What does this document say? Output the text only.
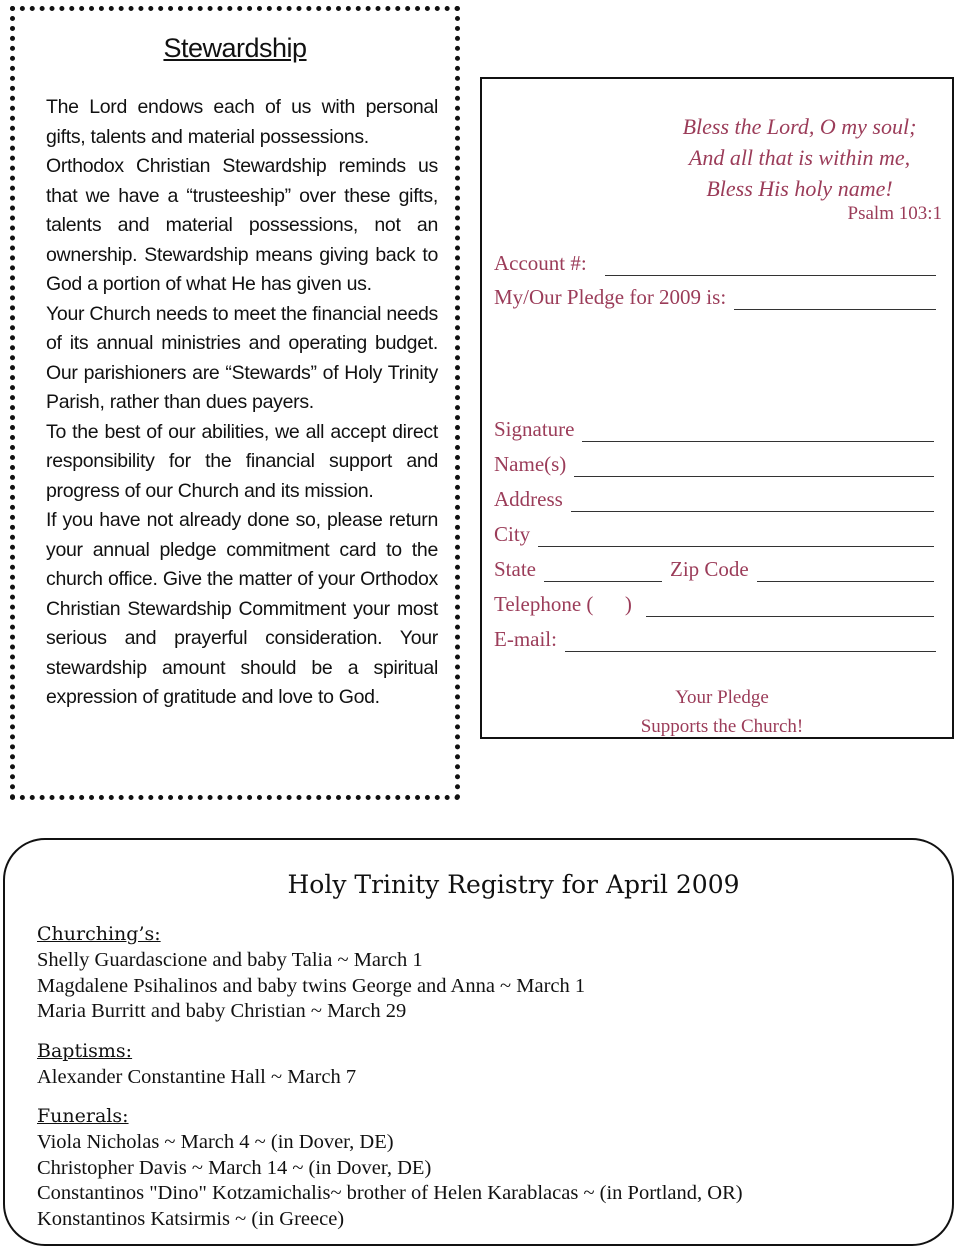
Stewardship

The Lord endows each of us with personal gifts, talents and material possessions.

Orthodox Christian Stewardship reminds us that we have a “trusteeship” over these gifts, talents and material possessions, not an ownership. Stewardship means giving back to God a portion of what He has given us.

Your Church needs to meet the financial needs of its annual ministries and operating budget. Our parishioners are “Stewards” of Holy Trinity Parish, rather than dues payers.

To the best of our abilities, we all accept direct responsibility for the financial support and progress of our Church and its mission.

If you have not already done so, please return your annual pledge commitment card to the church office. Give the matter of your Orthodox Christian Stewardship Commitment your most serious and prayerful consideration. Your stewardship amount should be a spiritual expression of gratitude and love to God.

Bless the Lord, O my soul;
And all that is within me,
Bless His holy name!
Psalm 103:1
Account #:
My/Our Pledge for 2009 is:
Signature
Name(s)
Address
City
State	Zip Code
Telephone (      )
E-mail:
Your Pledge
Supports the Church!
Holy Trinity Registry for April 2009
Churching’s:
Shelly Guardascione and baby Talia ~ March 1
Magdalene Psihalinos and baby twins George and Anna ~ March 1
Maria Burritt and baby Christian ~ March 29
Baptisms:
Alexander Constantine Hall ~ March 7
Funerals:
Viola Nicholas ~ March 4 ~ (in Dover, DE)
Christopher Davis ~ March 14 ~ (in Dover, DE)
Constantinos "Dino" Kotzamichalis~ brother of Helen Karablacas ~ (in Portland, OR)
Konstantinos Katsirmis ~ (in Greece)
